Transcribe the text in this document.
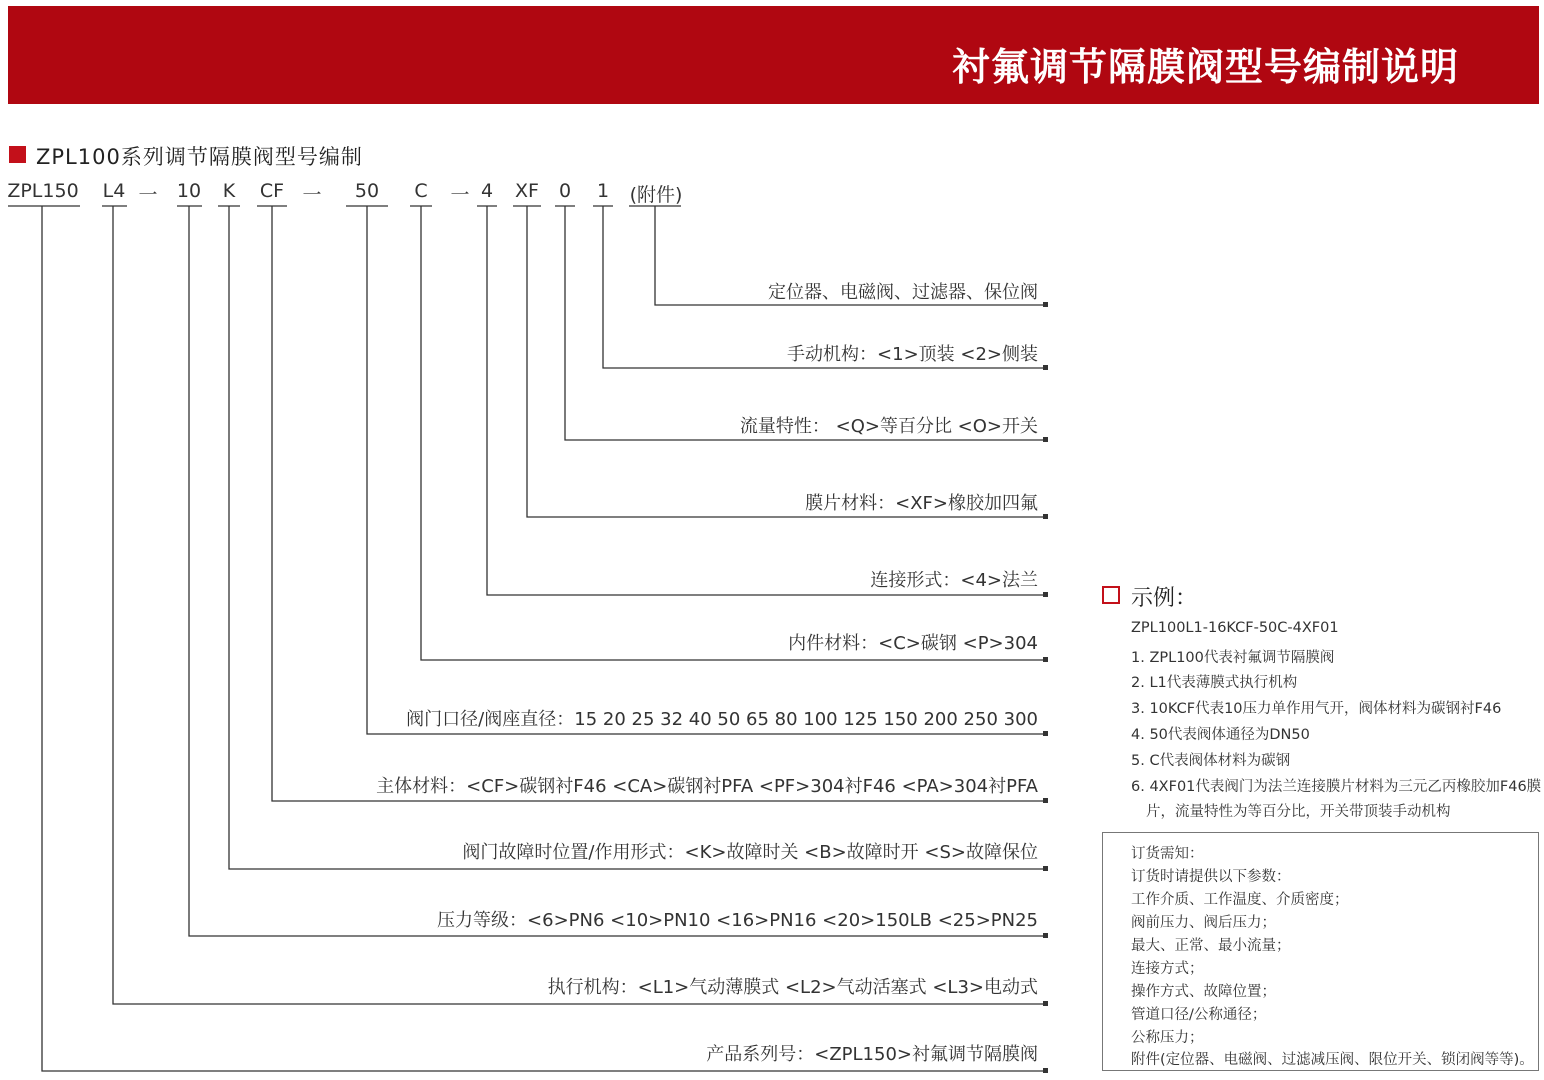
衬氟调节隔膜阀型号编制说明
ZPL100系列调节隔膜阀型号编制
ZPL150 L4 一 10 K CF 一	50	C 一 4 XF 0 1 (附件)
定位器、电磁阀、过滤器、保位阀
手动机构：<1>顶装 <2>侧装
流量特性： <Q>等百分比 <O>开关
膜片材料：<XF>橡胶加四氟
连接形式：<4>法兰
内件材料：<C>碳钢 <P>304
阀门口径/阀座直径：15 20 25 32 40 50 65 80 100 125 150 200 250 300
主体材料：<CF>碳钢衬F46 <CA>碳钢衬PFA <PF>304衬F46 <PA>304衬PFA
阀门故障时位置/作用形式：<K>故障时关 <B>故障时开 <S>故障保位
压力等级：<6>PN6 <10>PN10 <16>PN16 <20>150LB <25>PN25
执行机构：<L1>气动薄膜式 <L2>气动活塞式 <L3>电动式
产品系列号：<ZPL150>衬氟调节隔膜阀
示例：
ZPL100L1-16KCF-50C-4XF01
1. ZPL100代表衬氟调节隔膜阀
2. L1代表薄膜式执行机构
3. 10KCF代表10压力单作用气开，阀体材料为碳钢衬F46
4. 50代表阀体通径为DN50
5. C代表阀体材料为碳钢
6. 4XF01代表阀门为法兰连接膜片材料为三元乙丙橡胶加F46膜
片，流量特性为等百分比，开关带顶装手动机构
订货需知：
订货时请提供以下参数：
工作介质、工作温度、介质密度；
阀前压力、阀后压力；
最大、正常、最小流量；
连接方式；
操作方式、故障位置；
管道口径/公称通径；
公称压力；
附件(定位器、电磁阀、过滤减压阀、限位开关、锁闭阀等等)。
